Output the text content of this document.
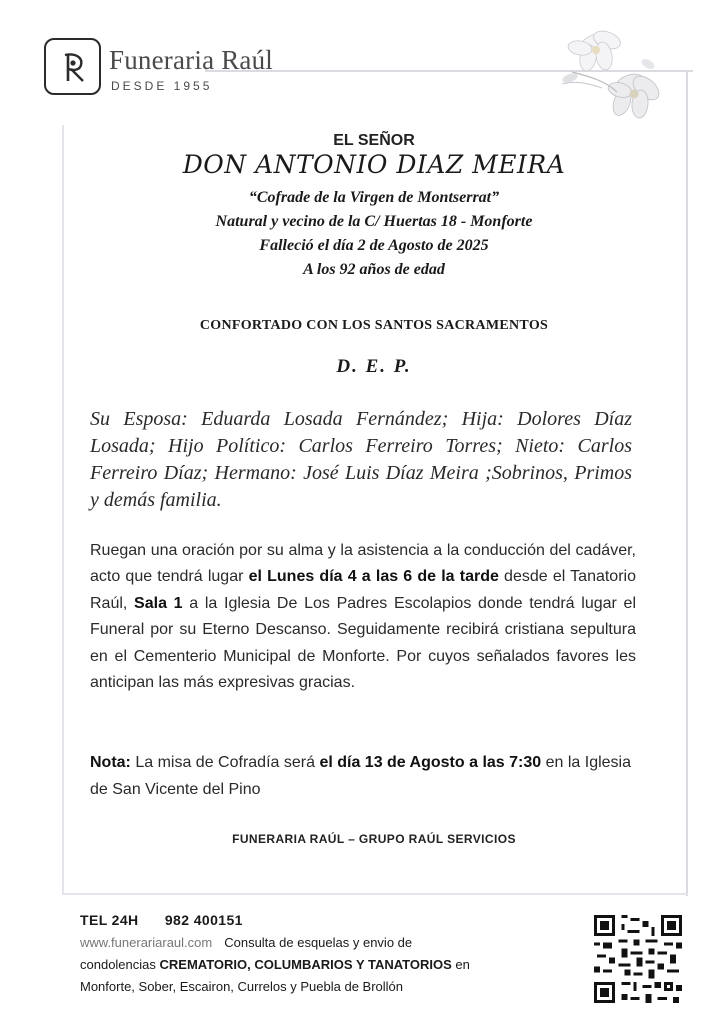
Funeraria Raúl
DESDE 1955
EL SEÑOR
DON ANTONIO DIAZ MEIRA
“Cofrade de la Virgen de Montserrat”
Natural y vecino de la C/ Huertas 18 - Monforte
Falleció el día 2 de Agosto de 2025
A los 92 años de edad
CONFORTADO CON LOS SANTOS SACRAMENTOS
D. E. P.
Su Esposa: Eduarda Losada Fernández; Hija: Dolores Díaz Losada; Hijo Político: Carlos Ferreiro Torres; Nieto: Carlos Ferreiro Díaz; Hermano: José Luis Díaz Meira ;Sobrinos, Primos y demás familia.
Ruegan una oración por su alma y la asistencia a la conducción del cadáver, acto que tendrá lugar el Lunes día 4 a las 6 de la tarde desde el Tanatorio Raúl, Sala 1 a la Iglesia De Los Padres Escolapios donde tendrá lugar el Funeral por su Eterno Descanso. Seguidamente recibirá cristiana sepultura en el Cementerio Municipal de Monforte. Por cuyos señalados favores les anticipan las más expresivas gracias.
Nota: La misa de Cofradía será el día 13 de Agosto a las 7:30 en la Iglesia de San Vicente del Pino
FUNERARIA RAÚL – GRUPO RAÚL SERVICIOS
TEL 24H 982 400151
www.funerariaraul.com Consulta de esquelas y envio de
condolencias CREMATORIO, COLUMBARIOS Y TANATORIOS en
Monforte, Sober, Escairon, Currelos y Puebla de Brollón
